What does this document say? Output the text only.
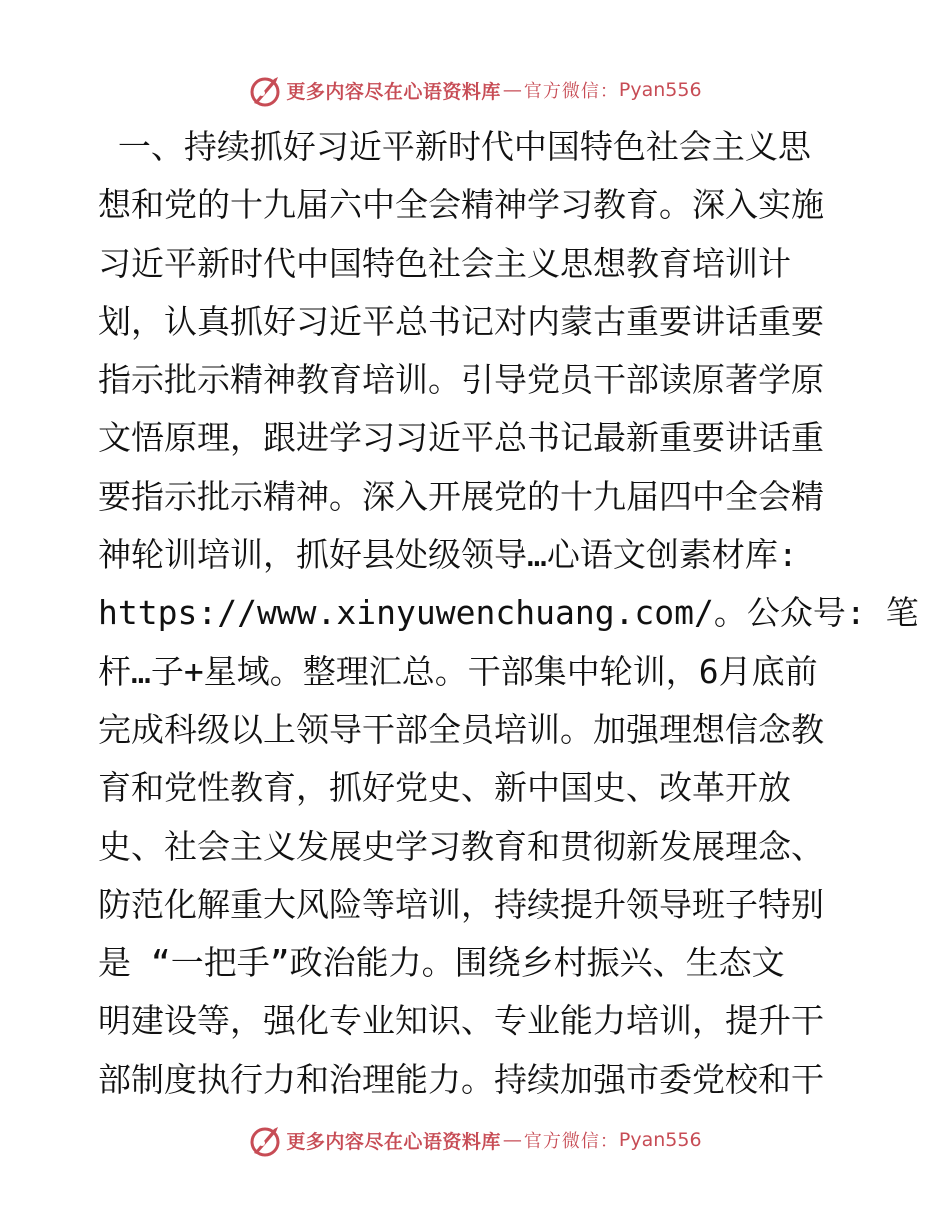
更多内容尽在心语资料库 — 官方微信： Pyan556
一、持续抓好习近平新时代中国特色社会主义思
想和党的十九届六中全会精神学习教育。深入实施
习近平新时代中国特色社会主义思想教育培训计
划，认真抓好习近平总书记对内蒙古重要讲话重要
指示批示精神教育培训。引导党员干部读原著学原
文悟原理，跟进学习习近平总书记最新重要讲话重
要指示批示精神。深入开展党的十九届四中全会精
神轮训培训，抓好县处级领导…心语文创素材库:
https://www.xinyuwenchuang.com/。公众号: 笔
杆…子+星域。整理汇总。干部集中轮训，6月底前
完成科级以上领导干部全员培训。加强理想信念教
育和党性教育，抓好党史、新中国史、改革开放
史、社会主义发展史学习教育和贯彻新发展理念、
防范化解重大风险等培训，持续提升领导班子特别
是 “一把手”政治能力。围绕乡村振兴、生态文
明建设等，强化专业知识、专业能力培训，提升干
部制度执行力和治理能力。持续加强市委党校和干
更多内容尽在心语资料库 — 官方微信： Pyan556
